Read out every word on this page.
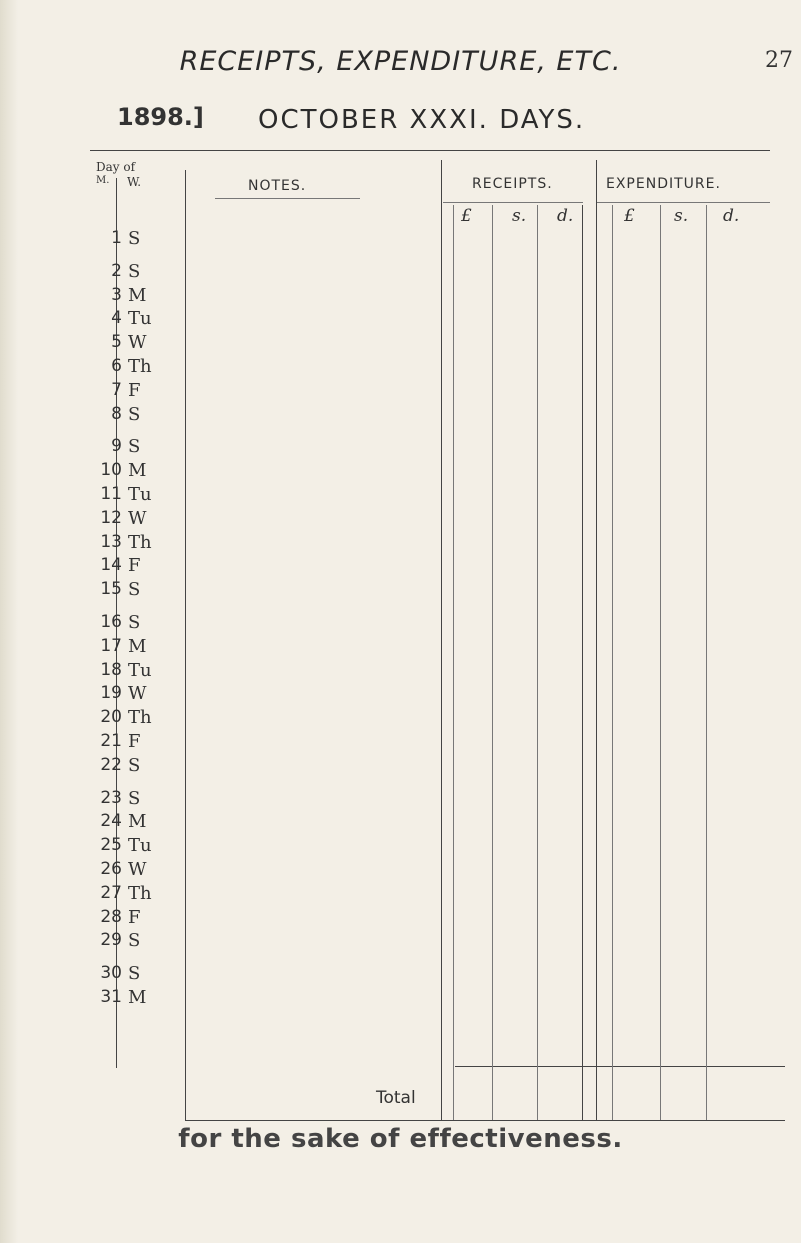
RECEIPTS, EXPENDITURE, ETC.	27
1898.] OCTOBER XXXI. DAYS.
Day of
M. W.	NOTES.	RECEIPTS.	EXPENDITURE.
£ s. d.	£ s. d.
1 S
2 S
3 M
4 Tu
5 W
6 Th
7 F
8 S
9 S
10 M
11 Tu
12 W
13 Th
14 F
15 S
16 S
17 M
18 Tu
19 W
20 Th
21 F
22 S
23 S
24 M
25 Tu
26 W
27 Th
28 F
29 S
30 S
31 M
Total
for the sake of effectiveness.
